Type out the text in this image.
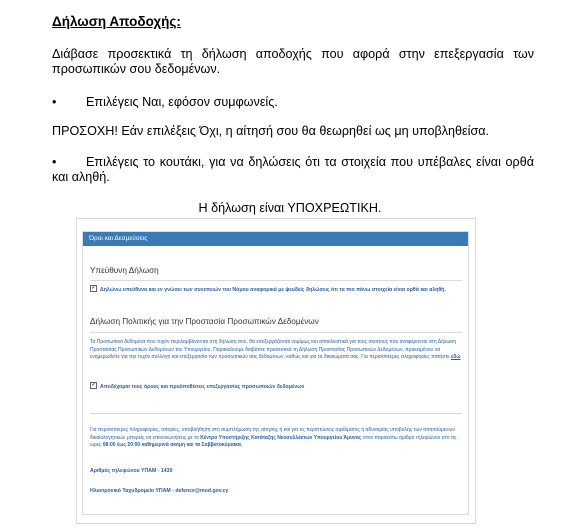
Δήλωση Αποδοχής:
Διάβασε προσεκτικά τη δήλωση αποδοχής που αφορά στην επεξεργασία των προσωπικών σου δεδομένων.
• Επιλέγεις Ναι, εφόσον συμφωνείς.
ΠΡΟΣΟΧΗ! Εάν επιλέξεις Όχι, η αίτησή σου θα θεωρηθεί ως μη υποβληθείσα.
• Επιλέγεις το κουτάκι, για να δηλώσεις ότι τα στοιχεία που υπέβαλες είναι ορθά και αληθή.
Η δήλωση είναι ΥΠΟΧΡΕΩΤΙΚΗ.
Όροι και Δεσμεύσεις
Υπεύθυνη Δήλωση
✓ Δηλώνω υπεύθυνα και εν γνώσει των συνεπειών του Νόμου αναφορικά με ψευδείς δηλώσεις ότι τα πιο πάνω στοιχεία είναι ορθά και αληθή.
Δήλωση Πολιτικής για την Προστασία Προσωπικών Δεδομένων
Τα Προσωπικά δεδομένα που τυχόν περιλαμβάνονται στη δήλωση σου, θα επεξεργάζονται νομίμως και αποκλειστικά για τους σκοπούς που αναφέρονται στη Δήλωση Προστασίας Προσωπικών Δεδομένων του Υπουργείου. Παρακαλούμε διαβάστε προσεκτικά τη Δήλωση Προστασίας Προσωπικών Δεδομένων, προκειμένου να ενημερωθείτε για την τυχόν συλλογή και επεξεργασία των προσωπικών σας δεδομένων, καθώς και για τα δικαιώματά σας. Για περισσότερες πληροφορίες πατήστε εδώ
✓ Αποδέχομαι τους όρους και προϋποθέσεις επεξεργασίας προσωπικών δεδομένων
Για περισσότερες πληροφορίες, απορίες, υποβοήθηση στη συμπλήρωση της αίτησης ή και για τις περιπτώσεις σφάλματος ή αδυναμίας υποβολής των απαιτούμενων δικαιολογητικών μπορείς να επικοινωνήσεις με το Κέντρο Υποστήριξης Κατάταξης Νεοσυλλέκτων Υπουργείου Άμυνας στον παρακάτω αριθμό τηλεφώνου στο τις ώρες 08:00 έως 20:00 καθημερινά ακόμη και τα Σαββατοκύριακα.
Αριθμός τηλεφώνου ΥΠΑΜ - 1430
Ηλεκτρονικό Ταχυδρομείο ΥΠΑΜ - defence@mod.gov.cy
